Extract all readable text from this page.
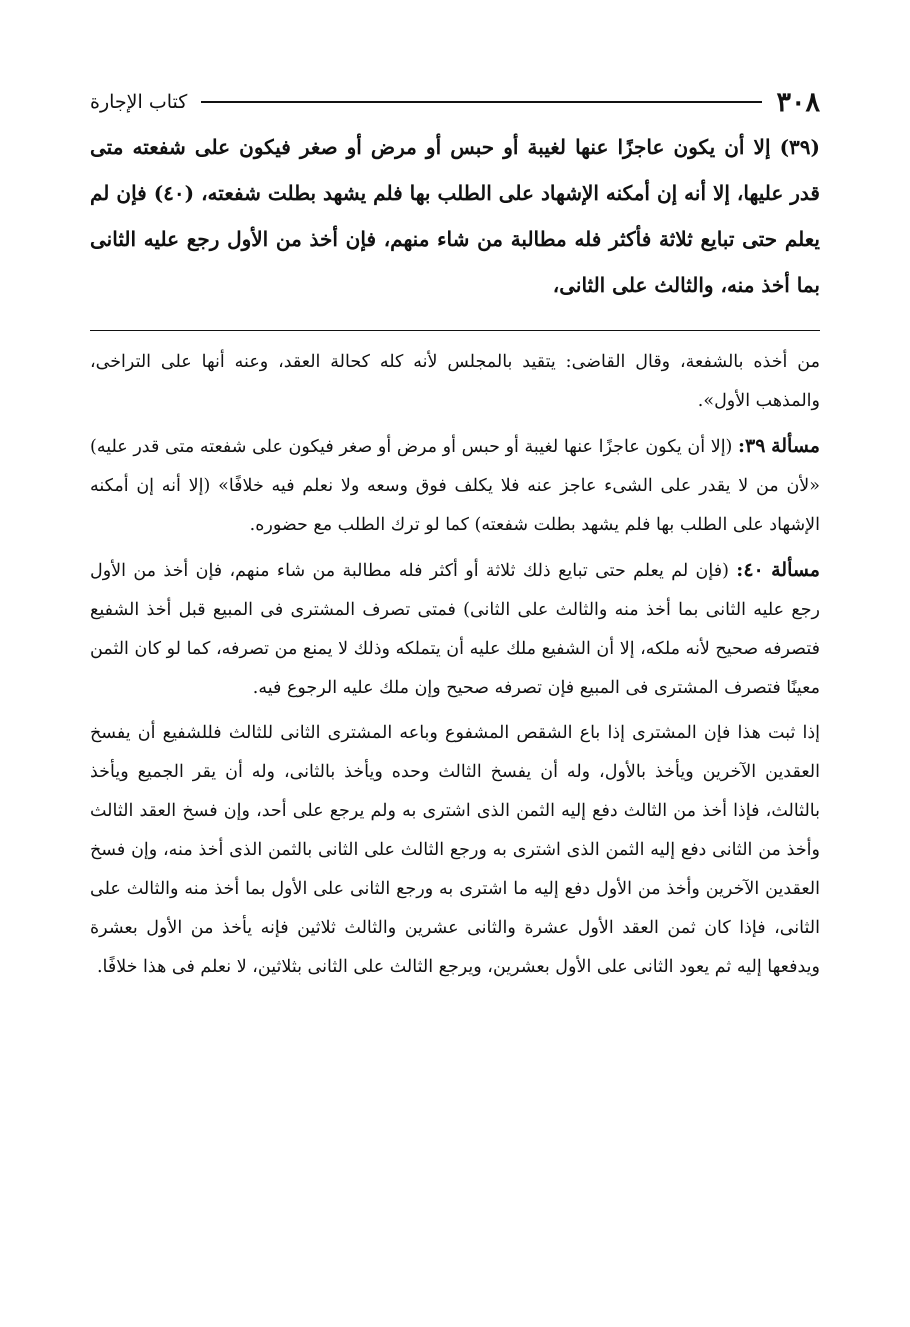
٣٠٨
كتاب الإجارة
(٣٩) إلا أن يكون عاجزًا عنها لغيبة أو حبس أو مرض أو صغر فيكون على شفعته متى قدر عليها، إلا أنه إن أمكنه الإشهاد على الطلب بها فلم يشهد بطلت شفعته، (٤٠) فإن لم يعلم حتى تبايع ثلاثة فأكثر فله مطالبة من شاء منهم، فإن أخذ من الأول رجع عليه الثانى بما أخذ منه، والثالث على الثانى،

من أخذه بالشفعة، وقال القاضى: يتقيد بالمجلس لأنه كله كحالة العقد، وعنه أنها على التراخى، والمذهب الأول».

مسألة ٣٩: (إلا أن يكون عاجزًا عنها لغيبة أو حبس أو مرض أو صغر فيكون على شفعته متى قدر عليه) «لأن من لا يقدر على الشىء عاجز عنه فلا يكلف فوق وسعه ولا نعلم فيه خلافًا» (إلا أنه إن أمكنه الإشهاد على الطلب بها فلم يشهد بطلت شفعته) كما لو ترك الطلب مع حضوره.

مسألة ٤٠: (فإن لم يعلم حتى تبايع ذلك ثلاثة أو أكثر فله مطالبة من شاء منهم، فإن أخذ من الأول رجع عليه الثانى بما أخذ منه والثالث على الثانى) فمتى تصرف المشترى فى المبيع قبل أخذ الشفيع فتصرفه صحيح لأنه ملكه، إلا أن الشفيع ملك عليه أن يتملكه وذلك لا يمنع من تصرفه، كما لو كان الثمن معينًا فتصرف المشترى فى المبيع فإن تصرفه صحيح وإن ملك عليه الرجوع فيه.

إذا ثبت هذا فإن المشترى إذا باع الشقص المشفوع وباعه المشترى الثانى للثالث فللشفيع أن يفسخ العقدين الآخرين ويأخذ بالأول، وله أن يفسخ الثالث وحده ويأخذ بالثانى، وله أن يقر الجميع ويأخذ بالثالث، فإذا أخذ من الثالث دفع إليه الثمن الذى اشترى به ولم يرجع على أحد، وإن فسخ العقد الثالث وأخذ من الثانى دفع إليه الثمن الذى اشترى به ورجع الثالث على الثانى بالثمن الذى أخذ منه، وإن فسخ العقدين الآخرين وأخذ من الأول دفع إليه ما اشترى به ورجع الثانى على الأول بما أخذ منه والثالث على الثانى، فإذا كان ثمن العقد الأول عشرة والثانى عشرين والثالث ثلاثين فإنه يأخذ من الأول بعشرة ويدفعها إليه ثم يعود الثانى على الأول بعشرين، ويرجع الثالث على الثانى بثلاثين، لا نعلم فى هذا خلافًا.
